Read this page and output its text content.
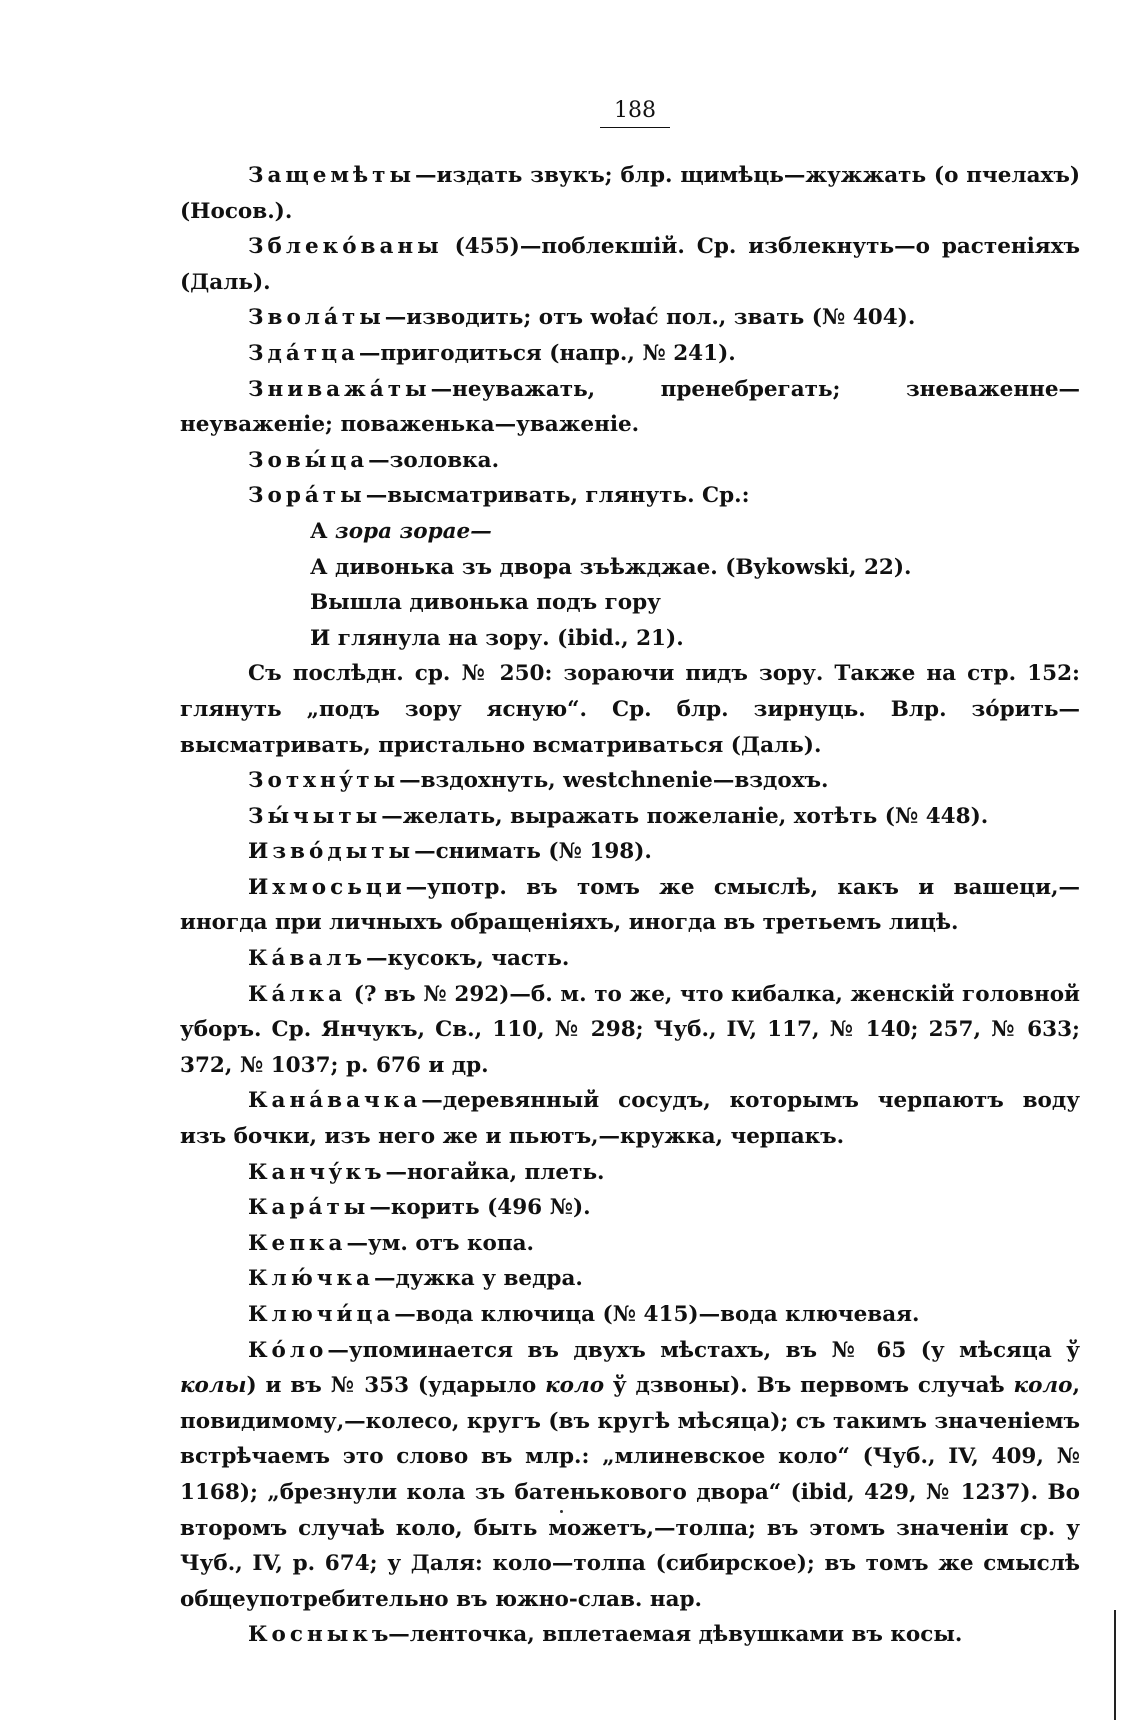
188

Защемѣты—издать звукъ; блр. щимѣць—жужжать (о пчелахъ) (Носов.).

Зблекóваны (455)—поблекшій. Ср. изблекнуть—о растеніяхъ (Даль).

Зволáты—изводить; отъ wołać пол., звать (№ 404).

Здáтца—пригодиться (напр., № 241).

Зниважáты—неуважать, пренебрегать; зневаженне—неуваженіе; поваженька—уваженіе.

Зовы́ца—золовка.

Зорáты—высматривать, глянуть. Ср.:

А зора зорае—
А дивонька зъ двора зъѣжджае. (Bykowski, 22).
Вышла дивонька подъ гору
И глянула на зору. (ibid., 21).

Съ послѣдн. ср. № 250: зораючи пидъ зору. Также на стр. 152: глянуть „подъ зору ясную“. Ср. блр. зирнуць. Влр. зóрить—высматривать, пристально всматриваться (Даль).

Зотхнýты—вздохнуть, westchnenie—вздохъ.

Зы́чыты—желать, выражать пожеланіе, хотѣть (№ 448).

Извóдыты—снимать (№ 198).

Ихмосьци—употр. въ томъ же смыслѣ, какъ и вашеци,—иногда при личныхъ обращеніяхъ, иногда въ третьемъ лицѣ.

Кáвалъ—кусокъ, часть.

Кáлка (? въ № 292)—б. м. то же, что кибалка, женскій головной уборъ. Ср. Янчукъ, Св., 110, № 298; Чуб., IV, 117, № 140; 257, № 633; 372, № 1037; р. 676 и др.

Канáвачка—деревянный сосудъ, которымъ черпаютъ воду изъ бочки, изъ него же и пьютъ,—кружка, черпакъ.

Канчýкъ—ногайка, плеть.

Карáты—корить (496 №).

Кепка—ум. отъ копа.

Клю́чка—дужка у ведра.

Ключи́ца—вода ключица (№ 415)—вода ключевая.

Кóло—упоминается въ двухъ мѣстахъ, въ № 65 (у мѣсяца ў колы) и въ № 353 (ударыло коло ў дзвоны). Въ первомъ случаѣ коло, повидимому,—колесо, кругъ (въ кругѣ мѣсяца); съ такимъ значеніемъ встрѣчаемъ это слово въ млр.: „млиневское коло“ (Чуб., IV, 409, № 1168); „брезнули кола зъ батенькового двора“ (ibid, 429, № 1237). Во второмъ случаѣ коло, быть можетъ,—толпа; въ этомъ значеніи ср. у Чуб., IV, р. 674; у Даля: коло—толпа (сибирское); въ томъ же смыслѣ общеупотребительно въ южно-слав. нар.

Косныкъ—ленточка, вплетаемая дѣвушками въ косы.
